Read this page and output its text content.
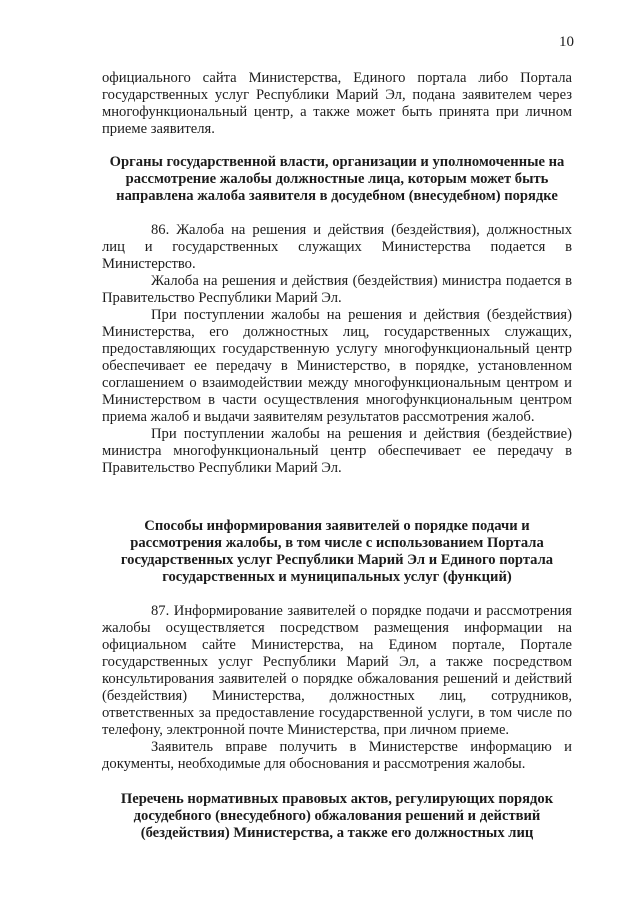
10

официального сайта Министерства, Единого портала либо Портала государственных услуг Республики Марий Эл, подана заявителем через многофункциональный центр, а также может быть принята при личном приеме заявителя.

Органы государственной власти, организации и уполномоченные на рассмотрение жалобы должностные лица, которым может быть направлена жалоба заявителя в досудебном (внесудебном) порядке

86. Жалоба на решения и действия (бездействия), должностных лиц и государственных служащих Министерства подается в Министерство.

Жалоба на решения и действия (бездействия) министра подается в Правительство Республики Марий Эл.

При поступлении жалобы на решения и действия (бездействия) Министерства, его должностных лиц, государственных служащих, предоставляющих государственную услугу многофункциональный центр обеспечивает ее передачу в Министерство, в порядке, установленном соглашением о взаимодействии между многофункциональным центром и Министерством в части осуществления многофункциональным центром приема жалоб и выдачи заявителям результатов рассмотрения жалоб.

При поступлении жалобы на решения и действия (бездействие) министра многофункциональный центр обеспечивает ее передачу в Правительство Республики Марий Эл.

Способы информирования заявителей о порядке подачи и рассмотрения жалобы, в том числе с использованием Портала государственных услуг Республики Марий Эл и Единого портала государственных и муниципальных услуг (функций)

87. Информирование заявителей о порядке подачи и рассмотрения жалобы осуществляется посредством размещения информации на официальном сайте Министерства, на Едином портале, Портале государственных услуг Республики Марий Эл, а также посредством консультирования заявителей о порядке обжалования решений и действий (бездействия) Министерства, должностных лиц, сотрудников, ответственных за предоставление государственной услуги, в том числе по телефону, электронной почте Министерства, при личном приеме.

Заявитель вправе получить в Министерстве информацию и документы, необходимые для обоснования и рассмотрения жалобы.

Перечень нормативных правовых актов, регулирующих порядок досудебного (внесудебного) обжалования решений и действий (бездействия) Министерства, а также его должностных лиц
